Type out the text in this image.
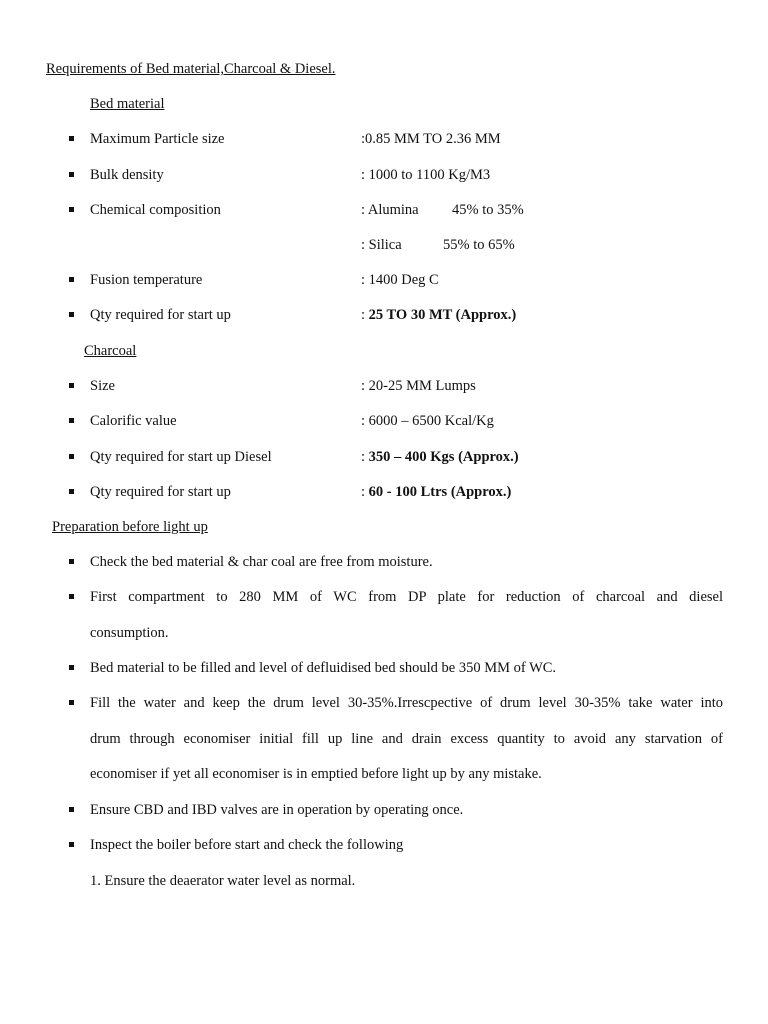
Requirements of Bed material,Charcoal & Diesel.
Bed material
Maximum Particle size	:0.85 MM TO 2.36 MM
Bulk density	: 1000 to 1100 Kg/M3
Chemical composition	: Alumina 45% to 35%
: Silica	55% to 65%
Fusion temperature	: 1400 Deg C
Qty required for start up	: 25 TO 30 MT (Approx.)
Charcoal
Size	: 20-25 MM Lumps
Calorific value	: 6000 – 6500 Kcal/Kg
Qty required for start up Diesel	: 350 – 400 Kgs (Approx.)
Qty required for start up	: 60 - 100 Ltrs (Approx.)
Preparation before light up
Check the bed material & char coal are free from moisture.
First compartment to 280 MM of WC from DP plate for reduction of charcoal and diesel
consumption.
Bed material to be filled and level of defluidised bed should be 350 MM of WC.
Fill the water and keep the drum level 30-35%.Irrescpective of drum level 30-35% take water into
drum through economiser initial fill up line and drain excess quantity to avoid any starvation of
economiser if yet all economiser is in emptied before light up by any mistake.
Ensure CBD and IBD valves are in operation by operating once.
Inspect the boiler before start and check the following
1. Ensure the deaerator water level as normal.
